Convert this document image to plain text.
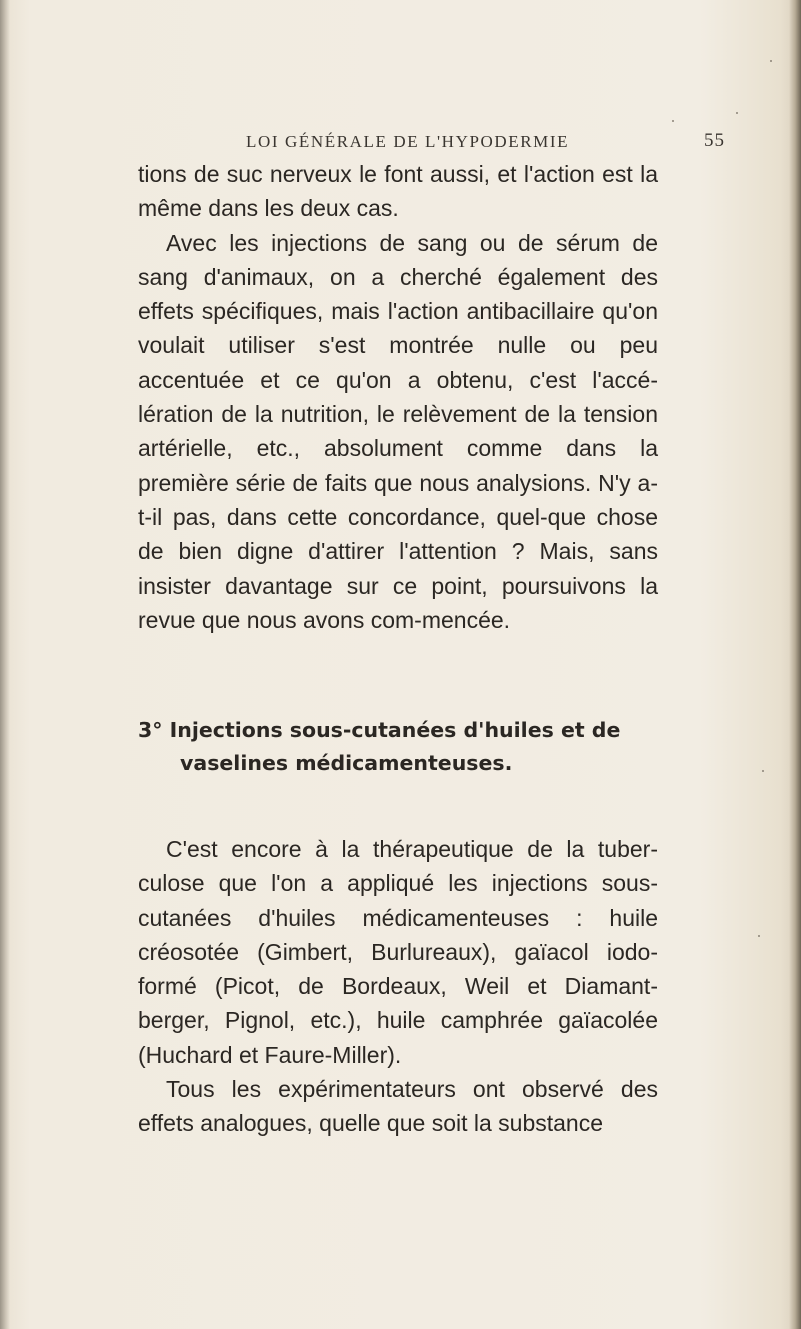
LOI GÉNÉRALE DE L'HYPODERMIE	55

tions de suc nerveux le font aussi, et l'action est la même dans les deux cas.

Avec les injections de sang ou de sérum de sang d'animaux, on a cherché également des effets spécifiques, mais l'action antibacillaire qu'on voulait utiliser s'est montrée nulle ou peu accentuée et ce qu'on a obtenu, c'est l'accé-lération de la nutrition, le relèvement de la tension artérielle, etc., absolument comme dans la première série de faits que nous analysions. N'y a-t-il pas, dans cette concordance, quel-que chose de bien digne d'attirer l'attention ? Mais, sans insister davantage sur ce point, poursuivons la revue que nous avons com-mencée.

3° Injections sous-cutanées d'huiles et de
vaselines médicamenteuses.

C'est encore à la thérapeutique de la tuber-culose que l'on a appliqué les injections sous-cutanées d'huiles médicamenteuses : huile créosotée (Gimbert, Burlureaux), gaïacol iodo-formé (Picot, de Bordeaux, Weil et Diamant-berger, Pignol, etc.), huile camphrée gaïacolée (Huchard et Faure-Miller).

Tous les expérimentateurs ont observé des effets analogues, quelle que soit la substance
